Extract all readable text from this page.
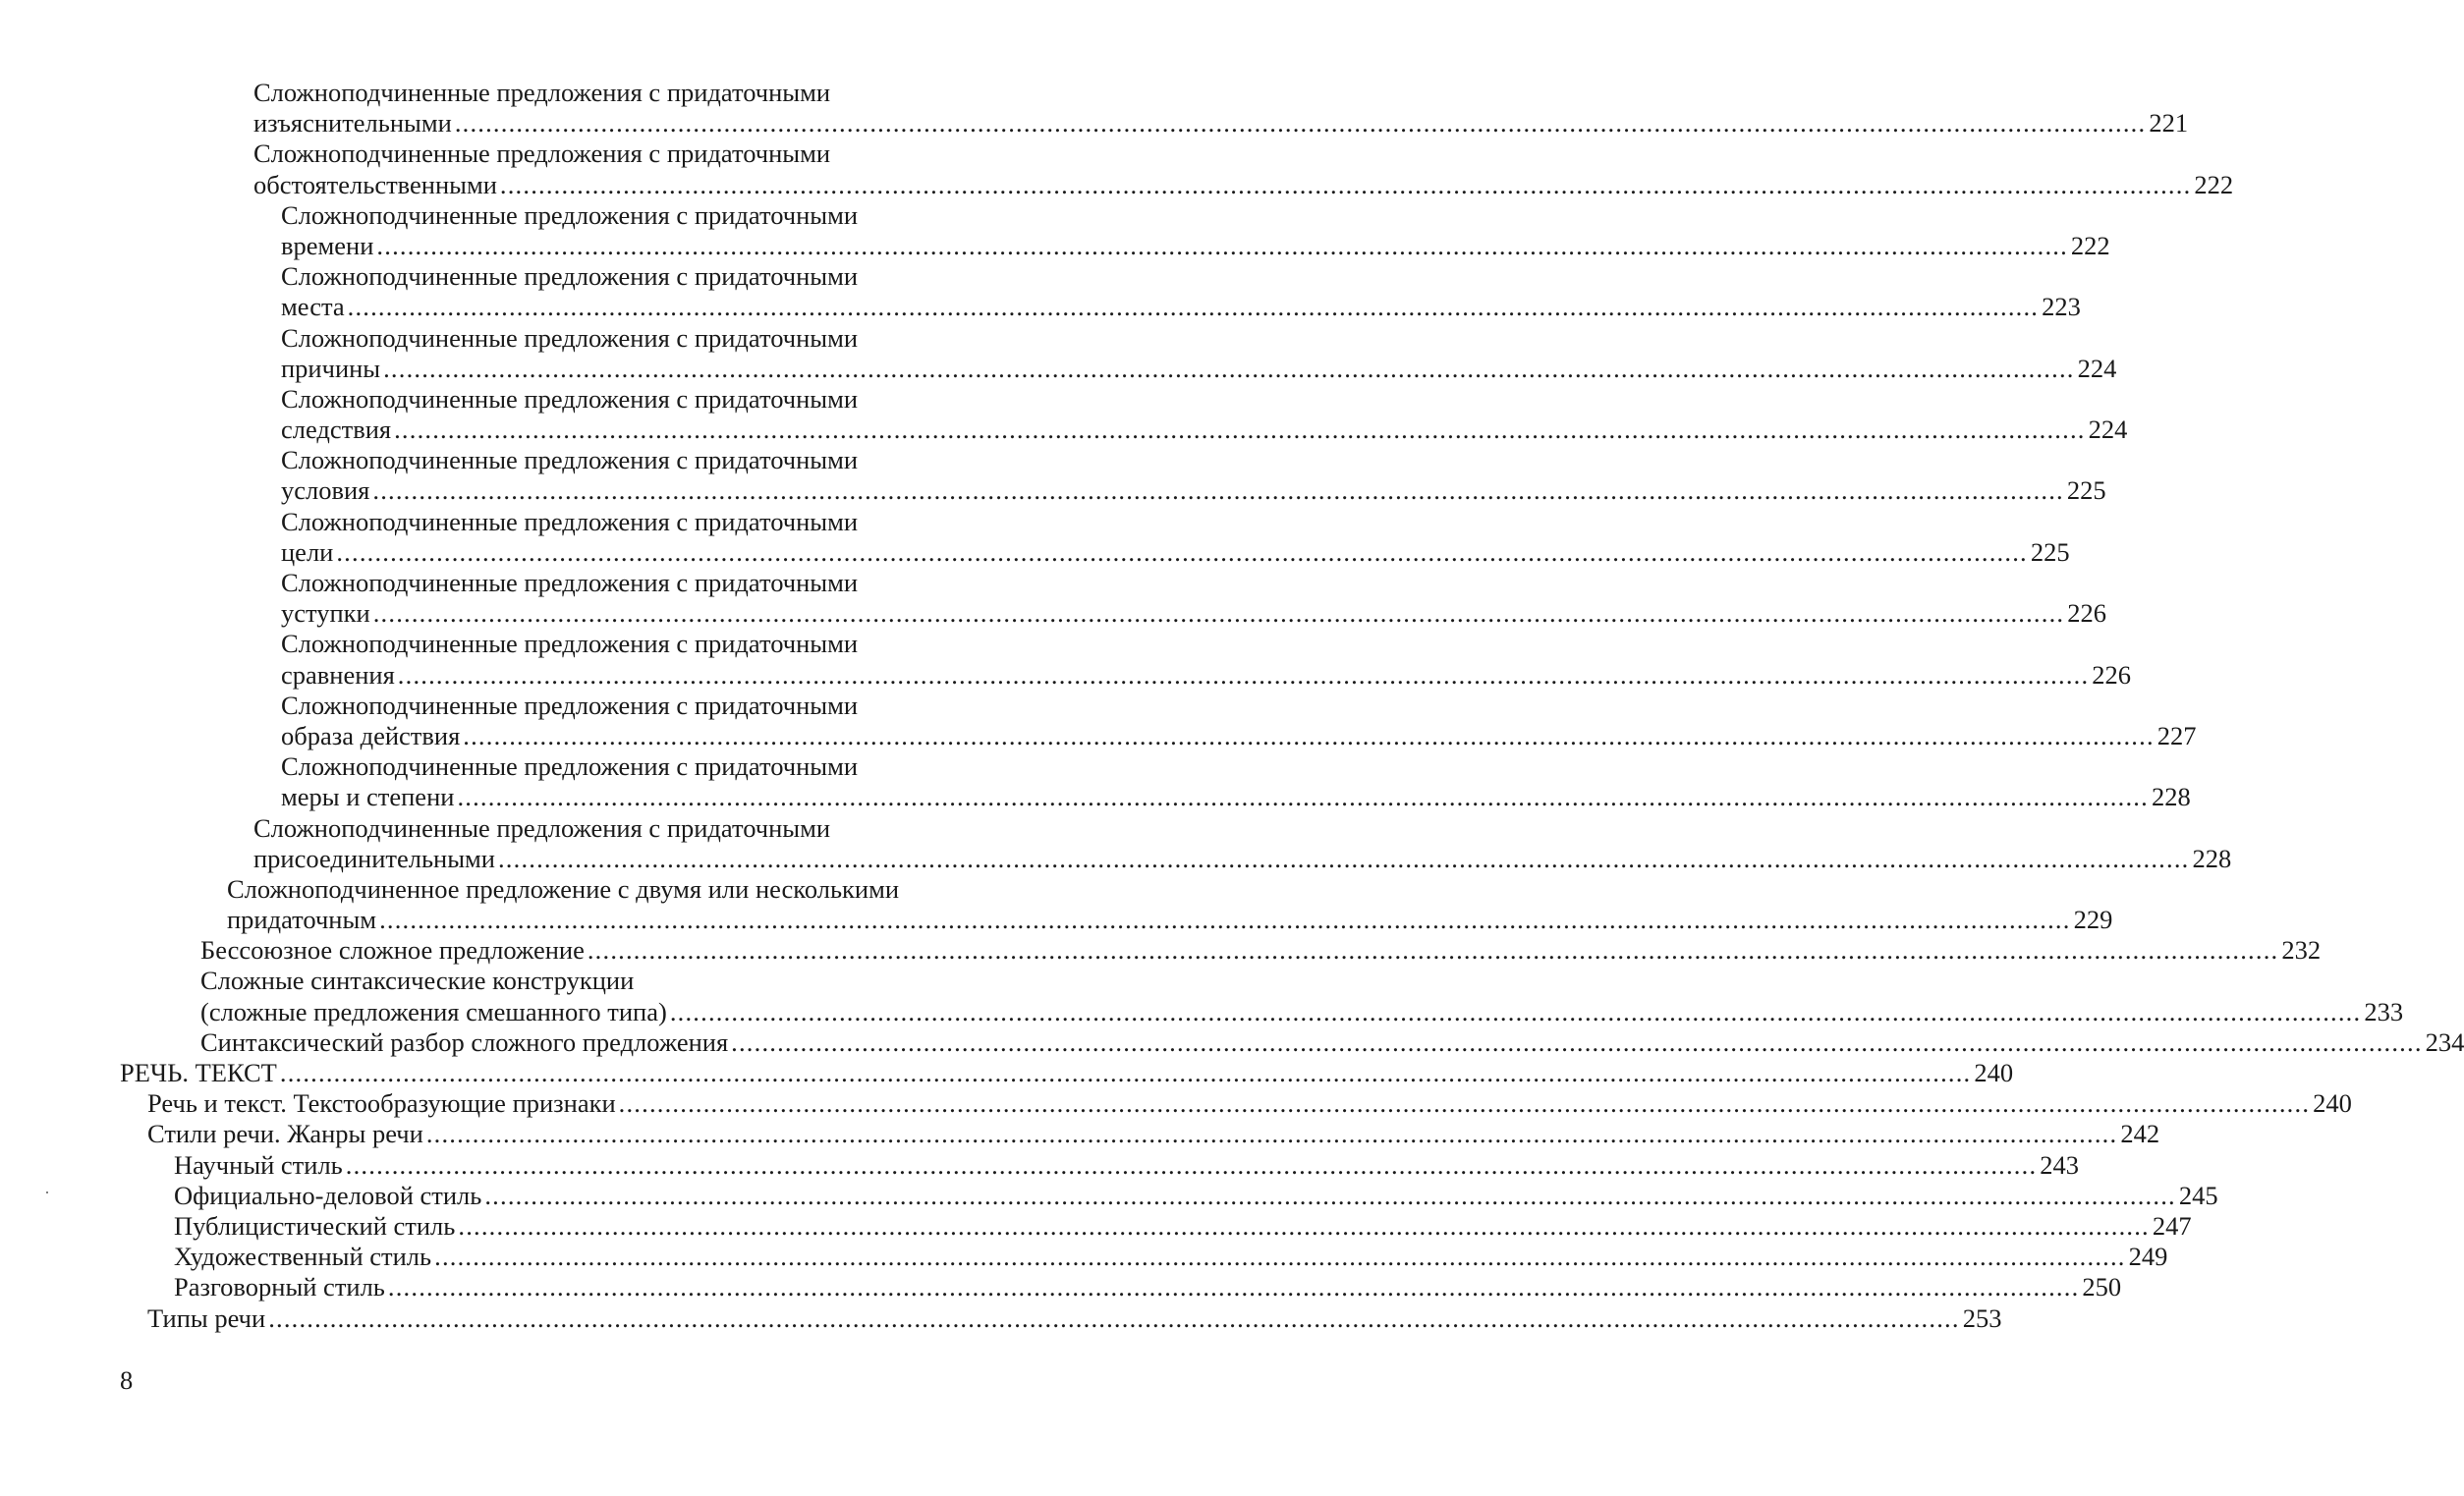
Сложноподчиненные предложения с придаточными
изъяснительными ............................................................................................................................................................................................................................ 221
Сложноподчиненные предложения с придаточными
обстоятельственными ............................................................................................................................................................................................................................ 222
Сложноподчиненные предложения с придаточными
времени ............................................................................................................................................................................................................................ 222
Сложноподчиненные предложения с придаточными
места ............................................................................................................................................................................................................................ 223
Сложноподчиненные предложения с придаточными
причины ............................................................................................................................................................................................................................ 224
Сложноподчиненные предложения с придаточными
следствия ............................................................................................................................................................................................................................ 224
Сложноподчиненные предложения с придаточными
условия ............................................................................................................................................................................................................................ 225
Сложноподчиненные предложения с придаточными
цели ............................................................................................................................................................................................................................ 225
Сложноподчиненные предложения с придаточными
уступки ............................................................................................................................................................................................................................ 226
Сложноподчиненные предложения с придаточными
сравнения ............................................................................................................................................................................................................................ 226
Сложноподчиненные предложения с придаточными
образа действия ............................................................................................................................................................................................................................ 227
Сложноподчиненные предложения с придаточными
меры и степени ............................................................................................................................................................................................................................ 228
Сложноподчиненные предложения с придаточными
присоединительными ............................................................................................................................................................................................................................ 228
Сложноподчиненное предложение с двумя или несколькими
придаточным ............................................................................................................................................................................................................................ 229
Бессоюзное сложное предложение ............................................................................................................................................................................................................................ 232
Сложные синтаксические конструкции
(сложные предложения смешанного типа) ............................................................................................................................................................................................................................ 233
Синтаксический разбор сложного предложения ............................................................................................................................................................................................................................ 234
РЕЧЬ. ТЕКСТ ............................................................................................................................................................................................................................ 240
Речь и текст. Текстообразующие признаки ............................................................................................................................................................................................................................ 240
Стили речи. Жанры речи ............................................................................................................................................................................................................................ 242
Научный стиль ............................................................................................................................................................................................................................ 243
Официально-деловой стиль ............................................................................................................................................................................................................................ 245
Публицистический стиль ............................................................................................................................................................................................................................ 247
Художественный стиль ............................................................................................................................................................................................................................ 249
Разговорный стиль ............................................................................................................................................................................................................................ 250
Типы речи ............................................................................................................................................................................................................................ 253
8
